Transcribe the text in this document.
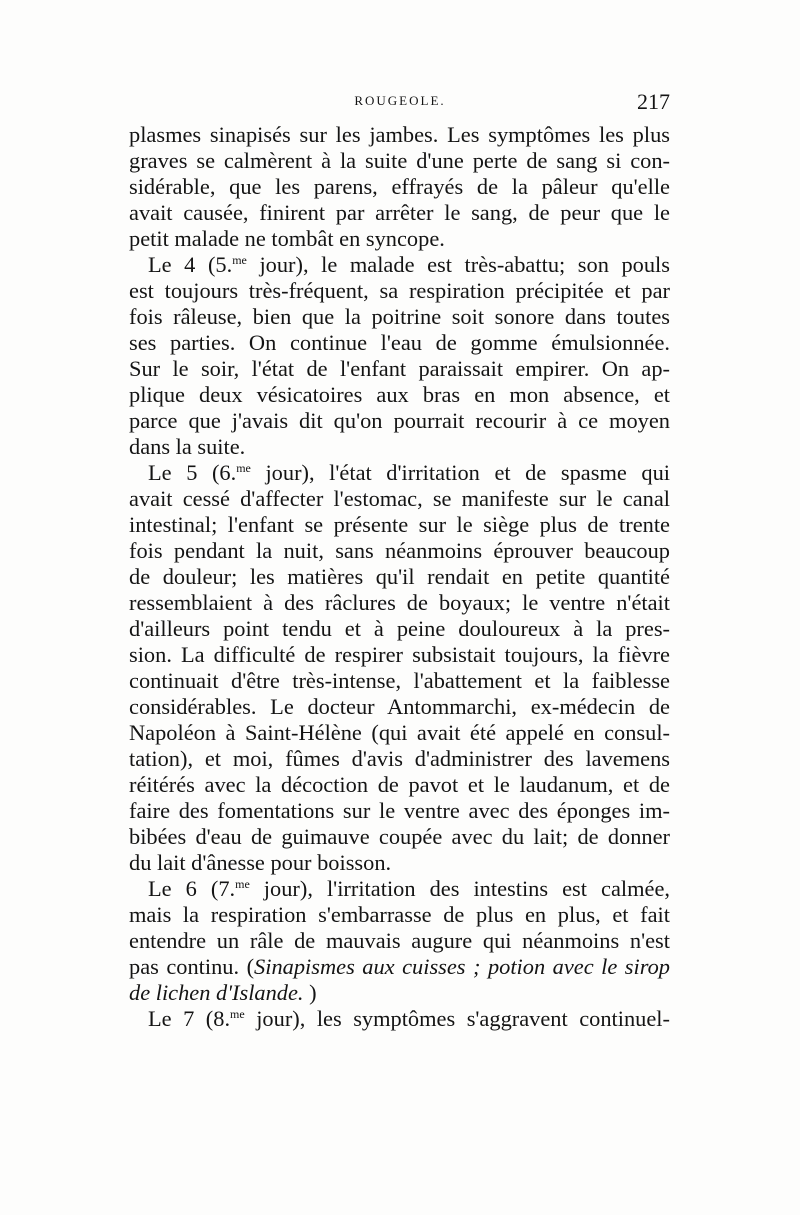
ROUGEOLE.	217
plasmes sinapisés sur les jambes. Les symptômes les plus
graves se calmèrent à la suite d'une perte de sang si con-
sidérable, que les parens, effrayés de la pâleur qu'elle
avait causée, finirent par arrêter le sang, de peur que le
petit malade ne tombât en syncope.
Le 4 (5.$^{me}$ jour), le malade est très-abattu; son pouls
est toujours très-fréquent, sa respiration précipitée et par
fois râleuse, bien que la poitrine soit sonore dans toutes
ses parties. On continue l'eau de gomme émulsionnée.
Sur le soir, l'état de l'enfant paraissait empirer. On ap-
plique deux vésicatoires aux bras en mon absence, et
parce que j'avais dit qu'on pourrait recourir à ce moyen
dans la suite.
Le 5 (6.$^{me}$ jour), l'état d'irritation et de spasme qui
avait cessé d'affecter l'estomac, se manifeste sur le canal
intestinal; l'enfant se présente sur le siège plus de trente
fois pendant la nuit, sans néanmoins éprouver beaucoup
de douleur; les matières qu'il rendait en petite quantité
ressemblaient à des râclures de boyaux; le ventre n'était
d'ailleurs point tendu et à peine douloureux à la pres-
sion. La difficulté de respirer subsistait toujours, la fièvre
continuait d'être très-intense, l'abattement et la faiblesse
considérables. Le docteur Antommarchi, ex-médecin de
Napoléon à Saint-Hélène (qui avait été appelé en consul-
tation), et moi, fûmes d'avis d'administrer des lavemens
réitérés avec la décoction de pavot et le laudanum, et de
faire des fomentations sur le ventre avec des éponges im-
bibées d'eau de guimauve coupée avec du lait; de donner
du lait d'ânesse pour boisson.
Le 6 (7.$^{me}$ jour), l'irritation des intestins est calmée,
mais la respiration s'embarrasse de plus en plus, et fait
entendre un râle de mauvais augure qui néanmoins n'est
pas continu. (Sinapismes aux cuisses ; potion avec le sirop
de lichen d'Islande. )
Le 7 (8.$^{me}$ jour), les symptômes s'aggravent continuel-
